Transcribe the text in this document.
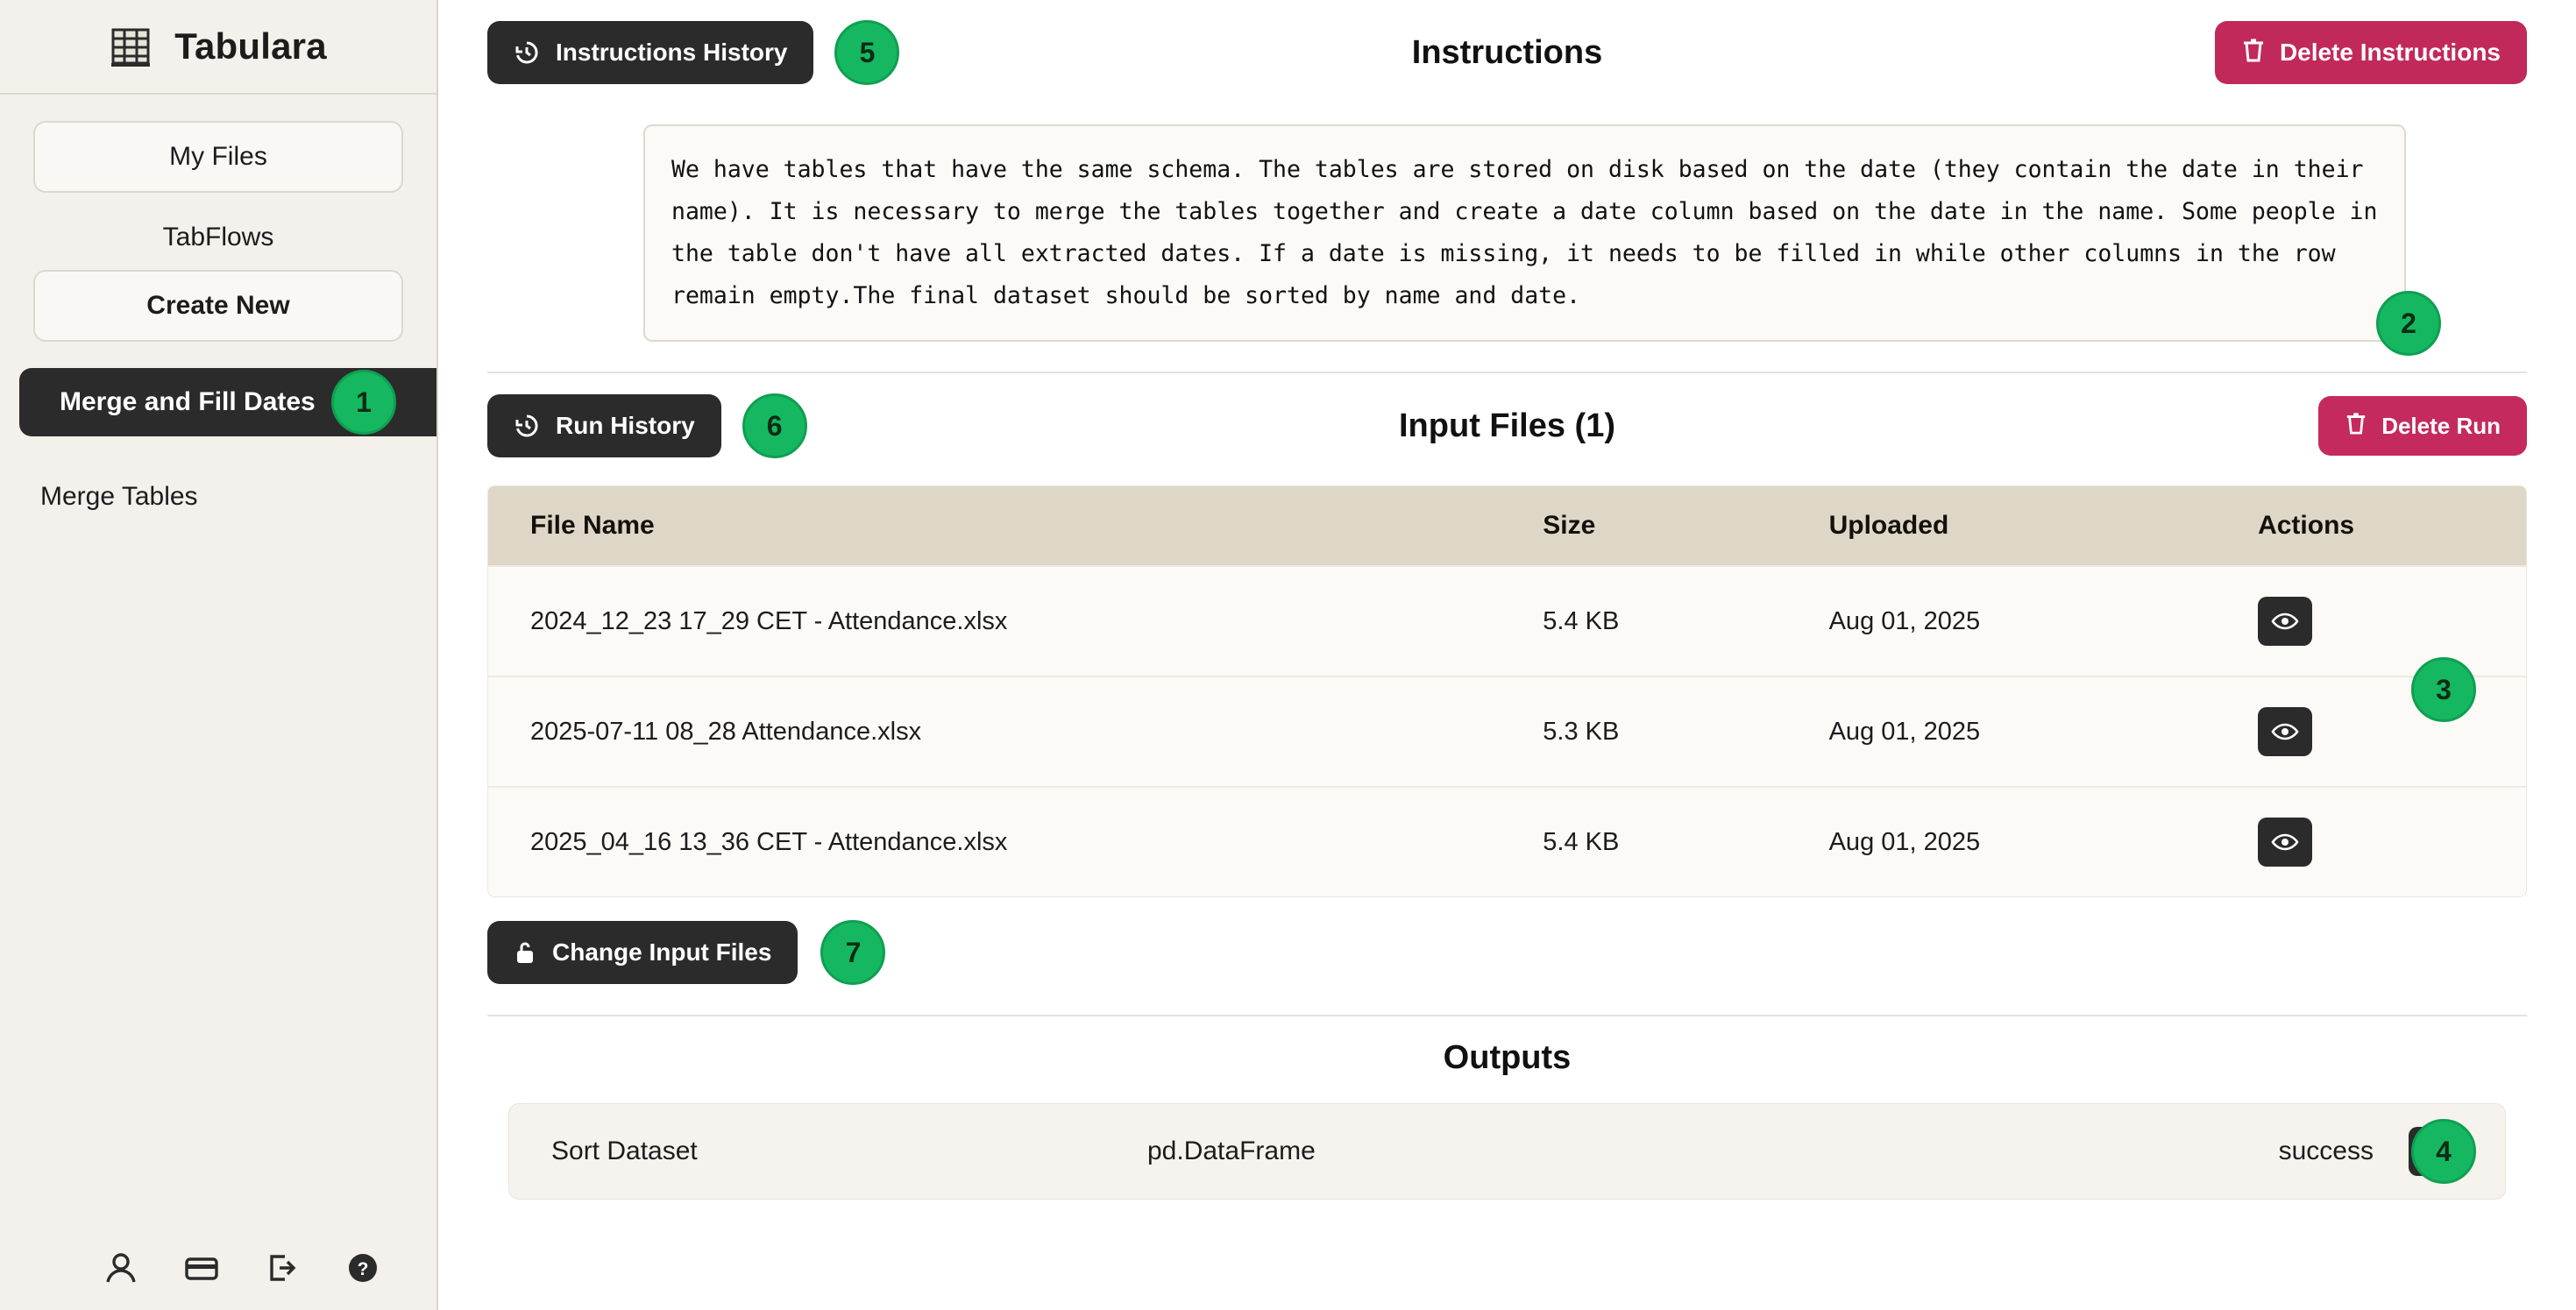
Tabulara
My Files
TabFlows
Create New
Merge and Fill Dates	1
Merge Tables
?
Instructions History	5	Instructions	Delete Instructions
We have tables that have the same schema. The tables are stored on disk based on the date (they contain the date in their name). It is necessary to merge the tables together and create a date column based on the date in the name. Some people in the table don't have all extracted dates. If a date is missing, it needs to be filled in while other columns in the row remain empty.The final dataset should be sorted by name and date.
2
Run History	6	Input Files (1)	Delete Run
File Name	Size	Uploaded	Actions
2024_12_23 17_29 CET - Attendance.xlsx	5.4 KB	Aug 01, 2025	

2025-07-11 08_28 Attendance.xlsx	5.3 KB	Aug 01, 2025	

2025_04_16 13_36 CET - Attendance.xlsx	5.4 KB	Aug 01, 2025	
3
Change Input Files	7
Outputs
Sort Dataset	pd.DataFrame	success	4
